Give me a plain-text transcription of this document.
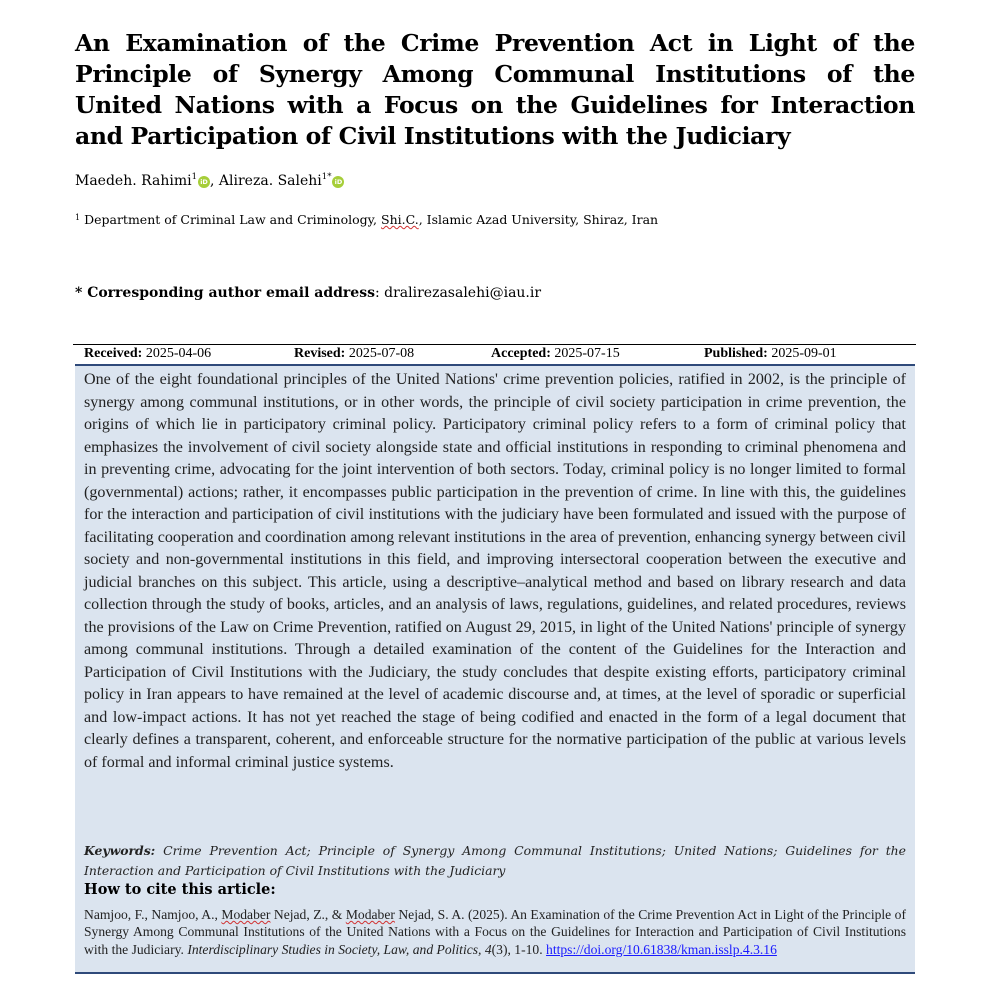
An Examination of the Crime Prevention Act in Light of the Principle of Synergy Among Communal Institutions of the United Nations with a Focus on the Guidelines for Interaction and Participation of Civil Institutions with the Judiciary
Maedeh. Rahimi$^1$ iD , Alireza. Salehi$^{1*}$ iD
$^1$ Department of Criminal Law and Criminology, Shi.C., Islamic Azad University, Shiraz, Iran
* Corresponding author email address: dralirezasalehi@iau.ir
Received: 2025-04-06	Revised: 2025-07-08	Accepted: 2025-07-15	Published: 2025-09-01

One of the eight foundational principles of the United Nations' crime prevention policies, ratified in 2002, is the principle of synergy among communal institutions, or in other words, the principle of civil society participation in crime prevention, the origins of which lie in participatory criminal policy. Participatory criminal policy refers to a form of criminal policy that emphasizes the involvement of civil society alongside state and official institutions in responding to criminal phenomena and in preventing crime, advocating for the joint intervention of both sectors. Today, criminal policy is no longer limited to formal (governmental) actions; rather, it encompasses public participation in the prevention of crime. In line with this, the guidelines for the interaction and participation of civil institutions with the judiciary have been formulated and issued with the purpose of facilitating cooperation and coordination among relevant institutions in the area of prevention, enhancing synergy between civil society and non-governmental institutions in this field, and improving intersectoral cooperation between the executive and judicial branches on this subject. This article, using a descriptive–analytical method and based on library research and data collection through the study of books, articles, and an analysis of laws, regulations, guidelines, and related procedures, reviews the provisions of the Law on Crime Prevention, ratified on August 29, 2015, in light of the United Nations' principle of synergy among communal institutions. Through a detailed examination of the content of the Guidelines for the Interaction and Participation of Civil Institutions with the Judiciary, the study concludes that despite existing efforts, participatory criminal policy in Iran appears to have remained at the level of academic discourse and, at times, at the level of sporadic or superficial and low-impact actions. It has not yet reached the stage of being codified and enacted in the form of a legal document that clearly defines a transparent, coherent, and enforceable structure for the normative participation of the public at various levels of formal and informal criminal justice systems.

Keywords: Crime Prevention Act; Principle of Synergy Among Communal Institutions; United Nations; Guidelines for the Interaction and Participation of Civil Institutions with the Judiciary

How to cite this article:

Namjoo, F., Namjoo, A., Modaber Nejad, Z., & Modaber Nejad, S. A. (2025). An Examination of the Crime Prevention Act in Light of the Principle of Synergy Among Communal Institutions of the United Nations with a Focus on the Guidelines for Interaction and Participation of Civil Institutions with the Judiciary. Interdisciplinary Studies in Society, Law, and Politics, 4(3), 1-10. https://doi.org/10.61838/kman.isslp.4.3.16
